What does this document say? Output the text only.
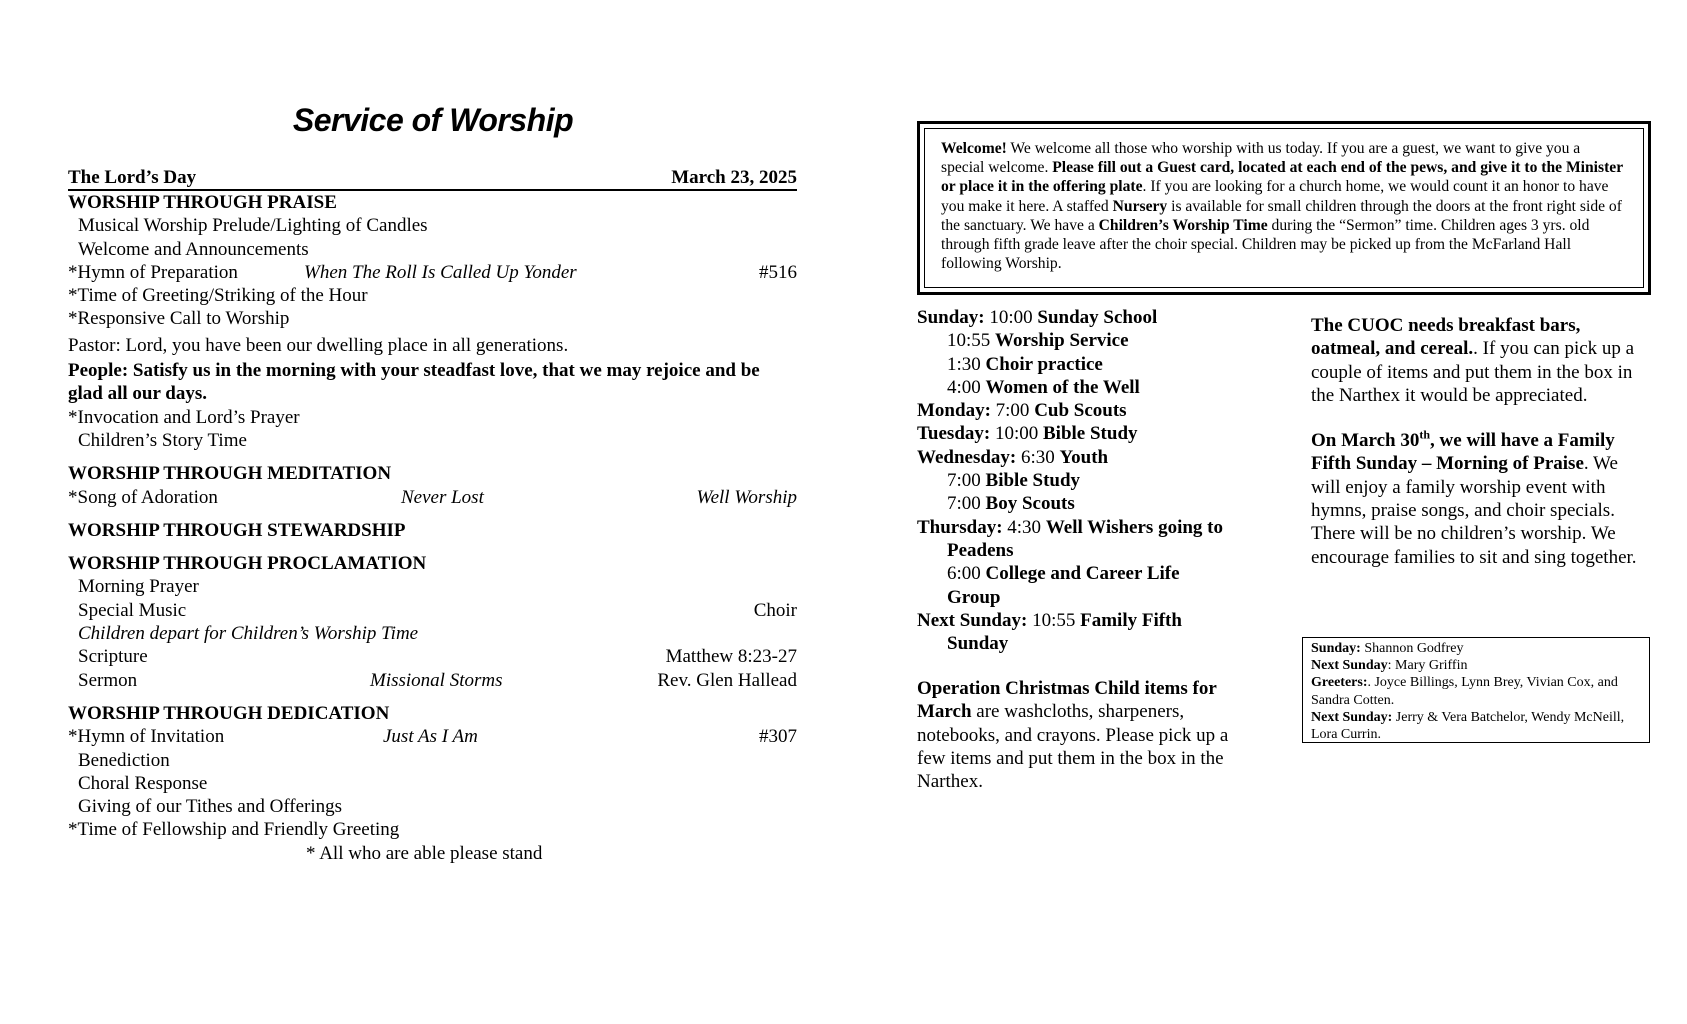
Service of Worship
The Lord’s Day	March 23, 2025
WORSHIP THROUGH PRAISE
Musical Worship Prelude/Lighting of Candles
Welcome and Announcements
*Hymn of Preparation	When The Roll Is Called Up Yonder	#516
*Time of Greeting/Striking of the Hour
*Responsive Call to Worship
Pastor: Lord, you have been our dwelling place in all generations.
People: Satisfy us in the morning with your steadfast love, that we may rejoice and be glad all our days.
*Invocation and Lord’s Prayer
Children’s Story Time
WORSHIP THROUGH MEDITATION
*Song of Adoration	Never Lost	Well Worship
WORSHIP THROUGH STEWARDSHIP
WORSHIP THROUGH PROCLAMATION
Morning Prayer
Special Music	Choir
Children depart for Children’s Worship Time
Scripture	Matthew 8:23-27
Sermon	Missional Storms	Rev. Glen Hallead
WORSHIP THROUGH DEDICATION
*Hymn of Invitation	Just As I Am	#307
Benediction
Choral Response
Giving of our Tithes and Offerings
*Time of Fellowship and Friendly Greeting
* All who are able please stand
Welcome! We welcome all those who worship with us today. If you are a guest, we want to give you a special welcome. Please fill out a Guest card, located at each end of the pews, and give it to the Minister or place it in the offering plate. If you are looking for a church home, we would count it an honor to have you make it here. A staffed Nursery is available for small children through the doors at the front right side of the sanctuary. We have a Children’s Worship Time during the “Sermon” time. Children ages 3 yrs. old through fifth grade leave after the choir special. Children may be picked up from the McFarland Hall following Worship.
Sunday: 10:00 Sunday School
10:55 Worship Service
1:30 Choir practice
4:00 Women of the Well
Monday: 7:00 Cub Scouts
Tuesday: 10:00 Bible Study
Wednesday: 6:30 Youth
7:00 Bible Study
7:00 Boy Scouts
Thursday: 4:30 Well Wishers going to
Peadens
6:00 College and Career Life
Group
Next Sunday: 10:55 Family Fifth
Sunday
Operation Christmas Child items for March are washcloths, sharpeners, notebooks, and crayons. Please pick up a few items and put them in the box in the Narthex.
The CUOC needs breakfast bars, oatmeal, and cereal.. If you can pick up a couple of items and put them in the box in the Narthex it would be appreciated.
On March 30th, we will have a Family Fifth Sunday – Morning of Praise. We will enjoy a family worship event with hymns, praise songs, and choir specials. There will be no children’s worship. We encourage families to sit and sing together.
Sunday: Shannon Godfrey
Next Sunday: Mary Griffin
Greeters:. Joyce Billings, Lynn Brey, Vivian Cox, and Sandra Cotten.
Next Sunday: Jerry & Vera Batchelor, Wendy McNeill, Lora Currin.
